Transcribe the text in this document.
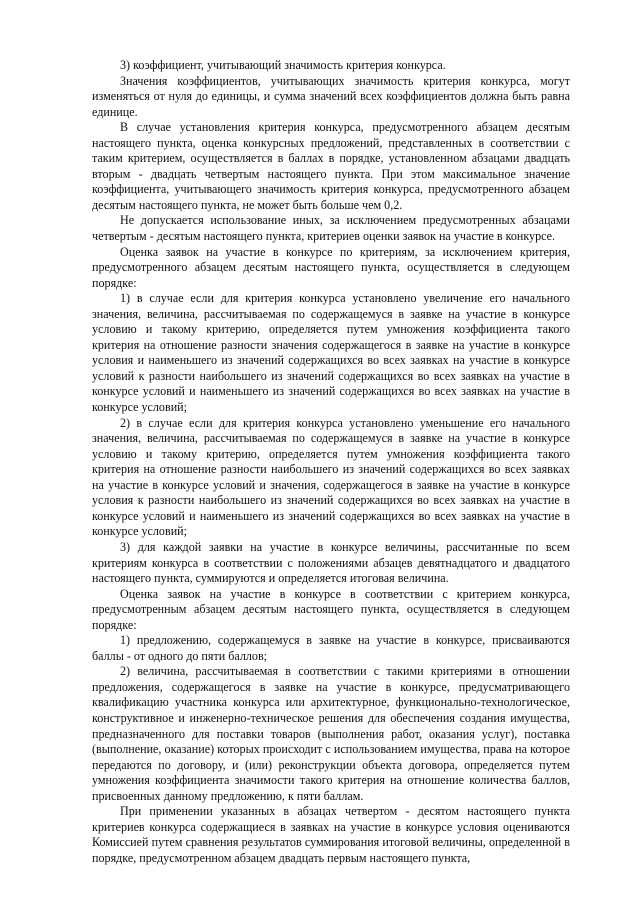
3) коэффициент, учитывающий значимость критерия конкурса.

Значения коэффициентов, учитывающих значимость критерия конкурса, могут изменяться от нуля до единицы, и сумма значений всех коэффициентов должна быть равна единице.

В случае установления критерия конкурса, предусмотренного абзацем десятым настоящего пункта, оценка конкурсных предложений, представленных в соответствии с таким критерием, осуществляется в баллах в порядке, установленном абзацами двадцать вторым - двадцать четвертым настоящего пункта. При этом максимальное значение коэффициента, учитывающего значимость критерия конкурса, предусмотренного абзацем десятым настоящего пункта, не может быть больше чем 0,2.

Не допускается использование иных, за исключением предусмотренных абзацами четвертым - десятым настоящего пункта, критериев оценки заявок на участие в конкурсе.

Оценка заявок на участие в конкурсе по критериям, за исключением критерия, предусмотренного абзацем десятым настоящего пункта, осуществляется в следующем порядке:

1) в случае если для критерия конкурса установлено увеличение его начального значения, величина, рассчитываемая по содержащемуся в заявке на участие в конкурсе условию и такому критерию, определяется путем умножения коэффициента такого критерия на отношение разности значения содержащегося в заявке на участие в конкурсе условия и наименьшего из значений содержащихся во всех заявках на участие в конкурсе условий к разности наибольшего из значений содержащихся во всех заявках на участие в конкурсе условий и наименьшего из значений содержащихся во всех заявках на участие в конкурсе условий;

2) в случае если для критерия конкурса установлено уменьшение его начального значения, величина, рассчитываемая по содержащемуся в заявке на участие в конкурсе условию и такому критерию, определяется путем умножения коэффициента такого критерия на отношение разности наибольшего из значений содержащихся во всех заявках на участие в конкурсе условий и значения, содержащегося в заявке на участие в конкурсе условия к разности наибольшего из значений содержащихся во всех заявках на участие в конкурсе условий и наименьшего из значений содержащихся во всех заявках на участие в конкурсе условий;

3) для каждой заявки на участие в конкурсе величины, рассчитанные по всем критериям конкурса в соответствии с положениями абзацев девятнадцатого и двадцатого настоящего пункта, суммируются и определяется итоговая величина.

Оценка заявок на участие в конкурсе в соответствии с критерием конкурса, предусмотренным абзацем десятым настоящего пункта, осуществляется в следующем порядке:

1) предложению, содержащемуся в заявке на участие в конкурсе, присваиваются баллы - от одного до пяти баллов;

2) величина, рассчитываемая в соответствии с такими критериями в отношении предложения, содержащегося в заявке на участие в конкурсе, предусматривающего квалификацию участника конкурса или архитектурное, функционально-технологическое, конструктивное и инженерно-техническое решения для обеспечения создания имущества, предназначенного для поставки товаров (выполнения работ, оказания услуг), поставка (выполнение, оказание) которых происходит с использованием имущества, права на которое передаются по договору, и (или) реконструкции объекта договора, определяется путем умножения коэффициента значимости такого критерия на отношение количества баллов, присвоенных данному предложению, к пяти баллам.

При применении указанных в абзацах четвертом - десятом настоящего пункта критериев конкурса содержащиеся в заявках на участие в конкурсе условия оцениваются Комиссией путем сравнения результатов суммирования итоговой величины, определенной в порядке, предусмотренном абзацем двадцать первым настоящего пункта,
